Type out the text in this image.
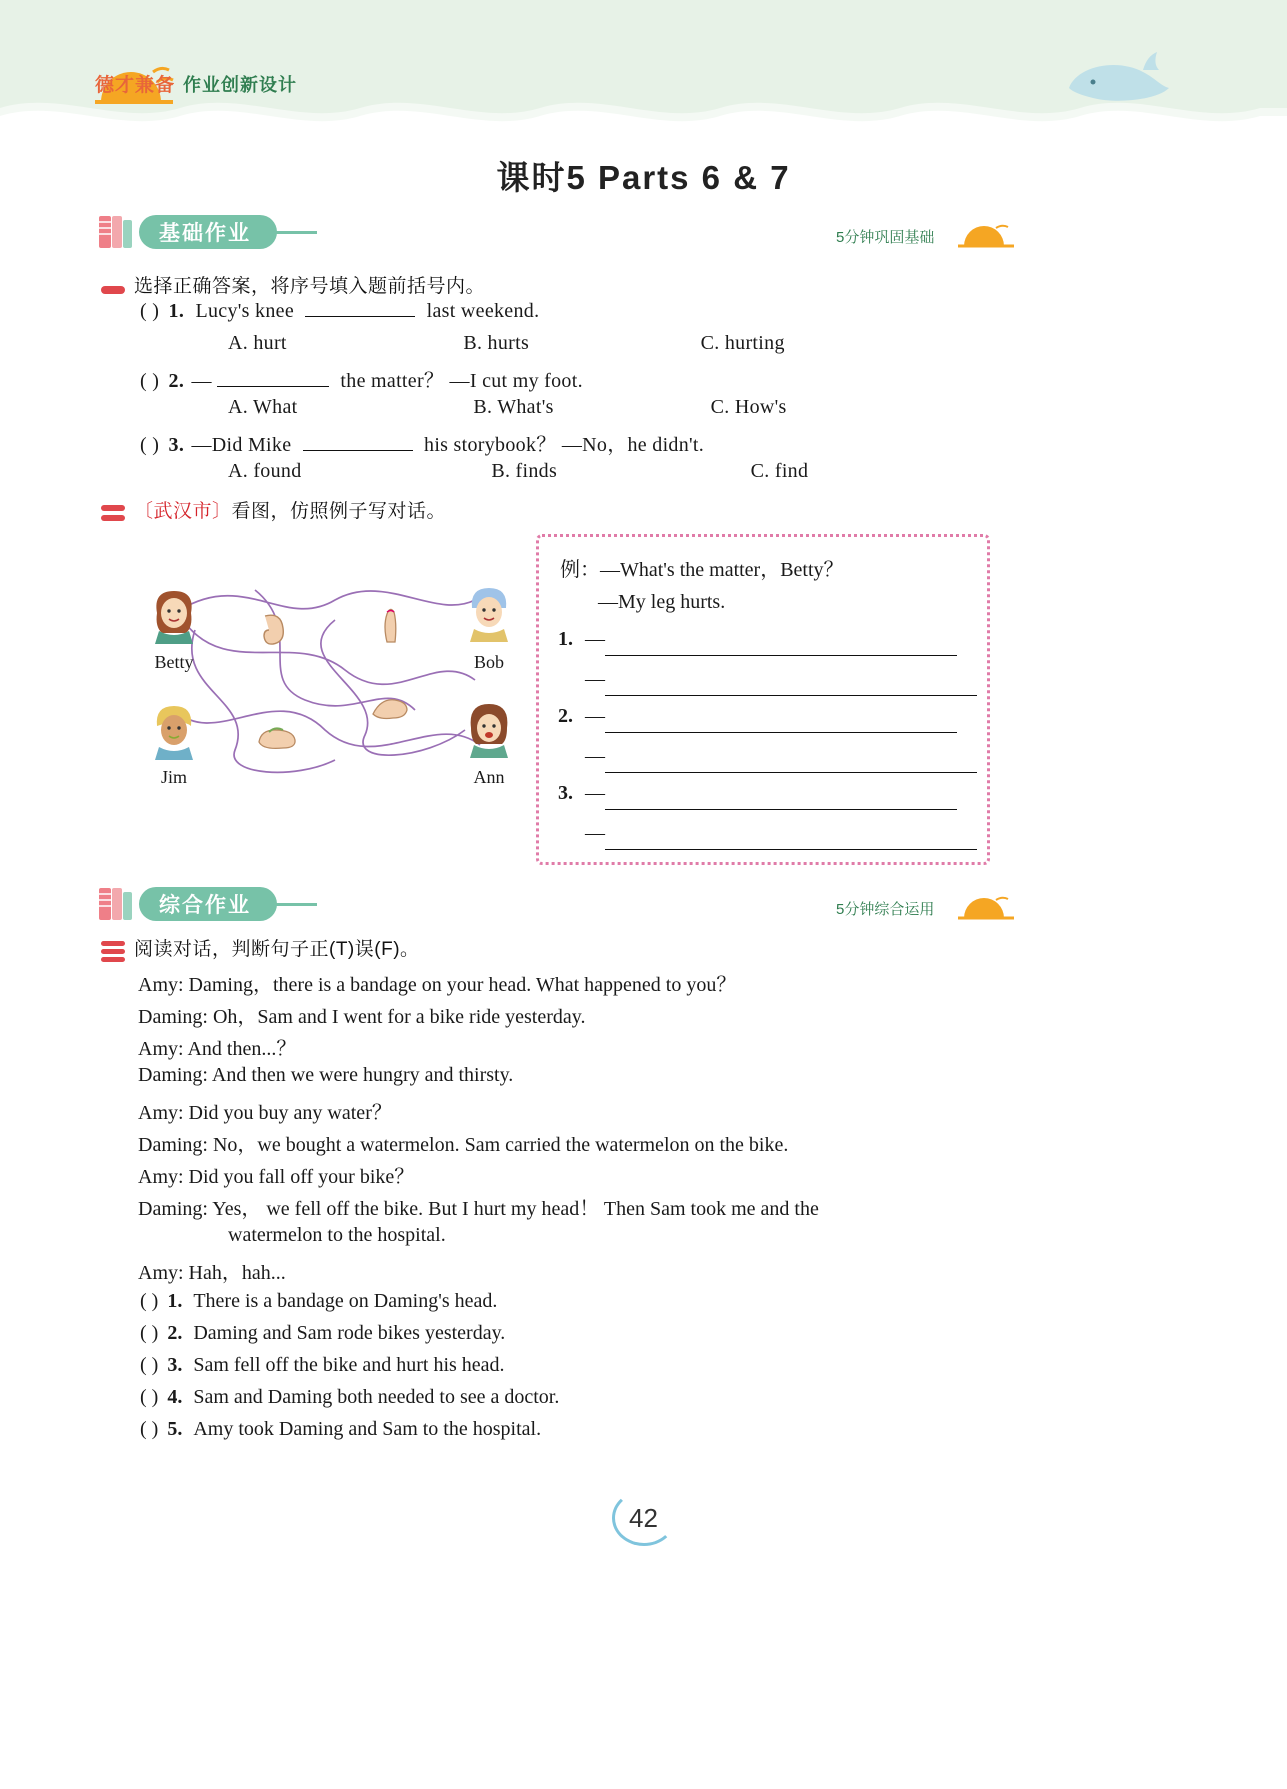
德才兼备 作业创新设计
课时5 Parts 6 & 7
基础作业	5分钟巩固基础
选择正确答案，将序号填入题前括号内。
( ) 1. Lucy's knee	last weekend.
A. hurt	B. hurts	C. hurting
( ) 2. —	the matter？ —I cut my foot.
A. What	B. What's	C. How's
( ) 3. —Did Mike	his storybook？ —No，he didn't.
A. found	B. finds	C. find
〔武汉市〕看图，仿照例子写对话。
Betty	Bob
Jim	Ann
例：—What's the matter，Betty？
—My leg hurts.
1. —
—
2. —
—
3. —
—
综合作业	5分钟综合运用
阅读对话，判断句子正(T)误(F)。
Amy: Daming，there is a bandage on your head. What happened to you？
Daming: Oh，Sam and I went for a bike ride yesterday.
Amy: And then...？
Daming: And then we were hungry and thirsty.
Amy: Did you buy any water？
Daming: No，we bought a watermelon. Sam carried the watermelon on the bike.
Amy: Did you fall off your bike？
Daming: Yes， we fell off the bike. But I hurt my head！ Then Sam took me and the
watermelon to the hospital.
Amy: Hah，hah...
( ) 1. There is a bandage on Daming's head.
( ) 2. Daming and Sam rode bikes yesterday.
( ) 3. Sam fell off the bike and hurt his head.
( ) 4. Sam and Daming both needed to see a doctor.
( ) 5. Amy took Daming and Sam to the hospital.
42
